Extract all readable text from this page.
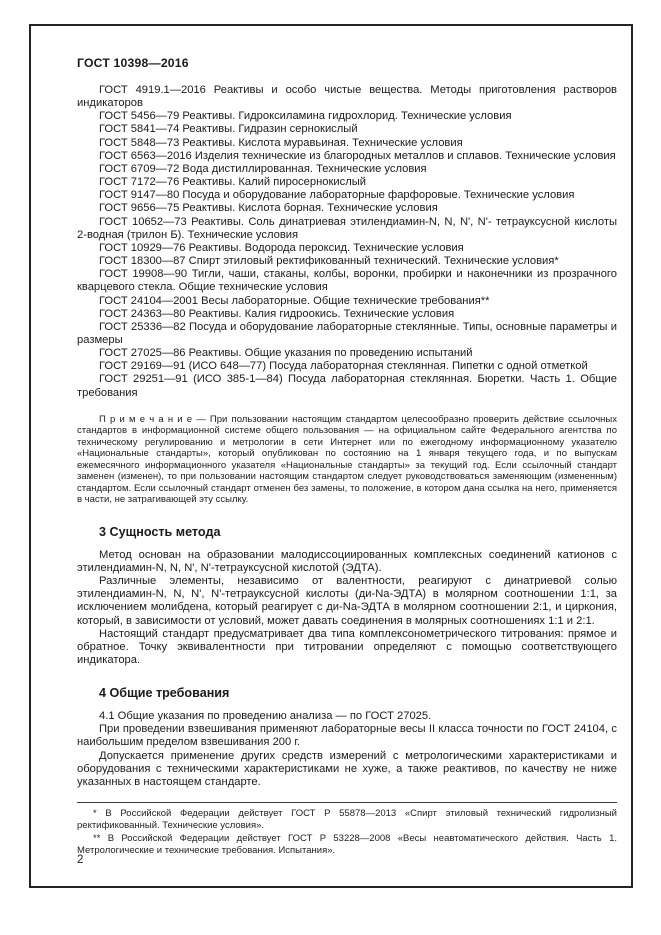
ГОСТ 10398—2016

ГОСТ 4919.1—2016 Реактивы и особо чистые вещества. Методы приготовления растворов индикаторов

ГОСТ 5456—79 Реактивы. Гидроксиламина гидрохлорид. Технические условия

ГОСТ 5841—74 Реактивы. Гидразин сернокислый

ГОСТ 5848—73 Реактивы. Кислота муравьиная. Технические условия

ГОСТ 6563—2016 Изделия технические из благородных металлов и сплавов. Технические условия

ГОСТ 6709—72 Вода дистиллированная. Технические условия

ГОСТ 7172—76 Реактивы. Калий пиросернокислый

ГОСТ 9147—80 Посуда и оборудование лабораторные фарфоровые. Технические условия

ГОСТ 9656—75 Реактивы. Кислота борная. Технические условия

ГОСТ 10652—73 Реактивы. Соль динатриевая этилендиамин-N, N, N', N'- тетрауксусной кислоты 2-водная (трилон Б). Технические условия

ГОСТ 10929—76 Реактивы. Водорода пероксид. Технические условия

ГОСТ 18300—87 Спирт этиловый ректификованный технический. Технические условия*

ГОСТ 19908—90 Тигли, чаши, стаканы, колбы, воронки, пробирки и наконечники из прозрачного кварцевого стекла. Общие технические условия

ГОСТ 24104—2001 Весы лабораторные. Общие технические требования**

ГОСТ 24363—80 Реактивы. Калия гидроокись. Технические условия

ГОСТ 25336—82 Посуда и оборудование лабораторные стеклянные. Типы, основные параметры и размеры

ГОСТ 27025—86 Реактивы. Общие указания по проведению испытаний

ГОСТ 29169—91 (ИСО 648—77) Посуда лабораторная стеклянная. Пипетки с одной отметкой

ГОСТ 29251—91 (ИСО 385-1—84) Посуда лабораторная стеклянная. Бюретки. Часть 1. Общие требования

П р и м е ч а н и е — При пользовании настоящим стандартом целесообразно проверить действие ссылочных стандартов в информационной системе общего пользования — на официальном сайте Федерального агентства по техническому регулированию и метрологии в сети Интернет или по ежегодному информационному указателю «Национальные стандарты», который опубликован по состоянию на 1 января текущего года, и по выпускам ежемесячного информационного указателя «Национальные стандарты» за текущий год. Если ссылочный стандарт заменен (изменен), то при пользовании настоящим стандартом следует руководствоваться заменяющим (измененным) стандартом. Если ссылочный стандарт отменен без замены, то положение, в котором дана ссылка на него, применяется в части, не затрагивающей эту ссылку.

3 Сущность метода

Метод основан на образовании малодиссоциированных комплексных соединений катионов с этилендиамин-N, N, N', N'-тетрауксусной кислотой (ЭДТА).

Различные элементы, независимо от валентности, реагируют с динатриевой солью этилендиамин-N, N, N', N'-тетрауксусной кислоты (ди-Na-ЭДТА) в молярном соотношении 1:1, за исключением молибдена, который реагирует с ди-Na-ЭДТА в молярном соотношении 2:1, и циркония, который, в зависимости от условий, может давать соединения в молярных соотношениях 1:1 и 2:1.

Настоящий стандарт предусматривает два типа комплексонометрического титрования: прямое и обратное. Точку эквивалентности при титровании определяют с помощью соответствующего индикатора.

4 Общие требования

4.1 Общие указания по проведению анализа — по ГОСТ 27025.

При проведении взвешивания применяют лабораторные весы II класса точности по ГОСТ 24104, с наибольшим пределом взвешивания 200 г.

Допускается применение других средств измерений с метрологическими характеристиками и оборудования с техническими характеристиками не хуже, а также реактивов, по качеству не ниже указанных в настоящем стандарте.

* В Российской Федерации действует ГОСТ Р 55878—2013 «Спирт этиловый технический гидролизный ректификованный. Технические условия».

** В Российской Федерации действует ГОСТ Р 53228—2008 «Весы неавтоматического действия. Часть 1. Метрологические и технические требования. Испытания».

2
